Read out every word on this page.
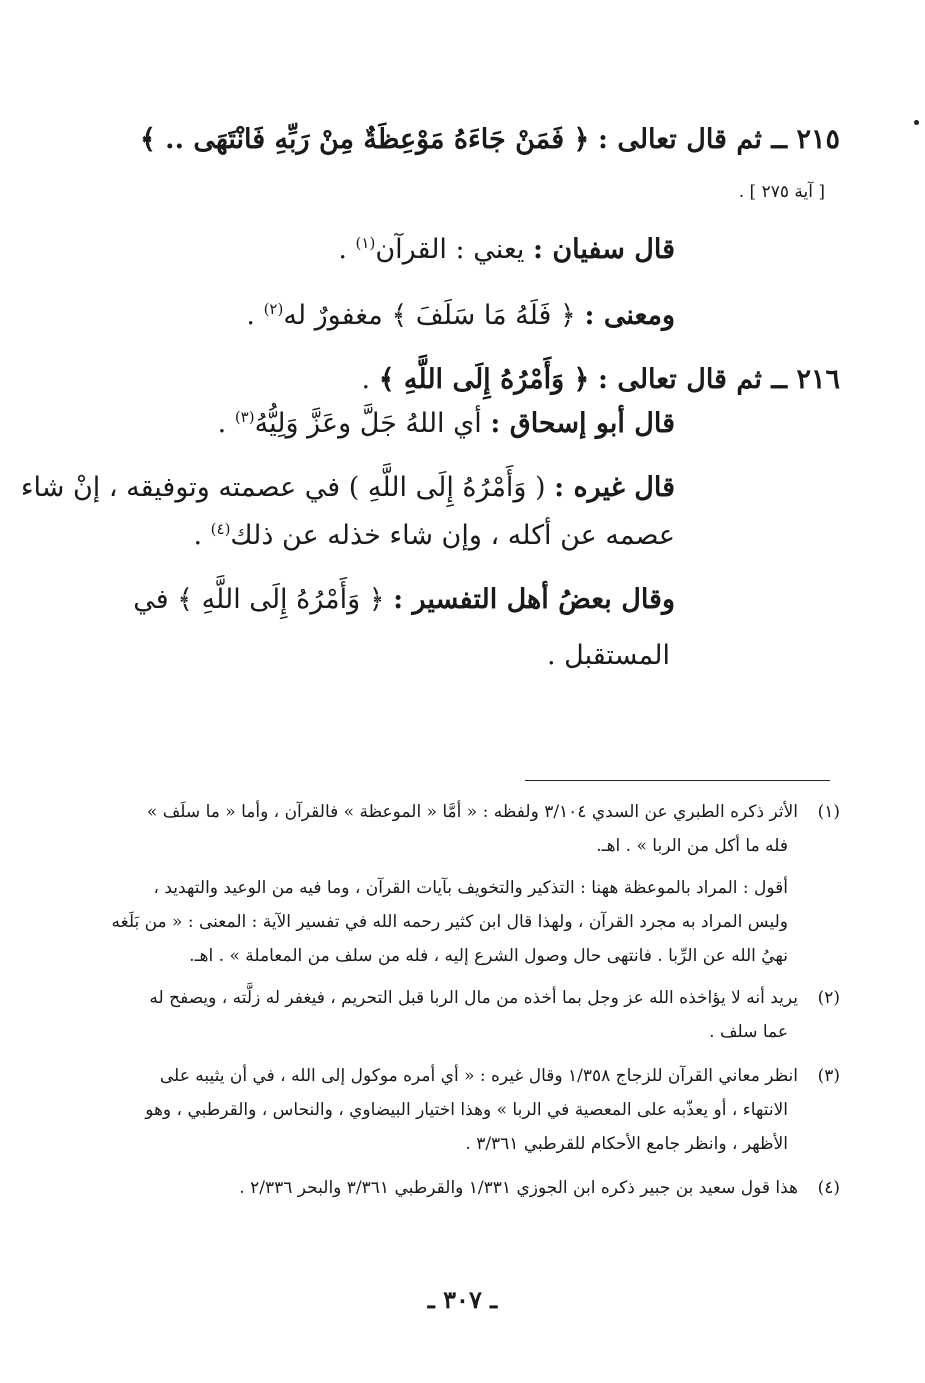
٢١٥ ــ ثم قال تعالى : ﴿ فَمَنْ جَاءَهُ مَوْعِظَةٌ مِنْ رَبِّهِ فَانْتَهَى .. ﴾
[ آية ٢٧٥ ] .
قال سفيان : يعني : القرآن$^{(١)}$ .
ومعنى : ﴿ فَلَهُ مَا سَلَفَ ﴾ مغفورٌ له$^{(٢)}$ .
٢١٦ ــ ثم قال تعالى : ﴿ وَأَمْرُهُ إِلَى اللَّهِ ﴾ .
قال أبو إسحاق : أي اللهُ جَلَّ وعَزَّ وَلِيُّهُ$^{(٣)}$ .
قال غيره : ( وَأَمْرُهُ إِلَى اللَّهِ ) في عصمته وتوفيقه ، إنْ شاء
عصمه عن أكله ، وإن شاء خذله عن ذلك$^{(٤)}$ .
وقال بعضُ أهل التفسير : ﴿ وَأَمْرُهُ إِلَى اللَّهِ ﴾ في
المستقبل .
(١)الأثر ذكره الطبري عن السدي ٣/١٠٤ ولفظه : « أمَّا « الموعظة » فالقرآن ، وأما « ما سلَف »
فله ما أكل من الربا » . اهـ.
أقول : المراد بالموعظة ههنا : التذكير والتخويف بآيات القرآن ، وما فيه من الوعيد والتهديد ،
وليس المراد به مجرد القرآن ، ولهذا قال ابن كثير رحمه الله في تفسير الآية : المعنى : « من بَلَغه
نهيُ الله عن الرِّبا . فانتهى حال وصول الشرع إليه ، فله من سلف من المعاملة » . اهـ.
(٢)يريد أنه لا يؤاخذه الله عز وجل بما أخذه من مال الربا قبل التحريم ، فيغفر له زلَّته ، ويصفح له
عما سلف .
(٣)انظر معاني القرآن للزجاج ١/٣٥٨ وقال غيره : « أي أمره موكول إلى الله ، في أن يثيبه على
الانتهاء ، أو يعذّبه على المعصية في الربا » وهذا اختيار البيضاوي ، والنحاس ، والقرطبي ، وهو
الأظهر ، وانظر جامع الأحكام للقرطبي ٣/٣٦١ .
(٤)هذا قول سعيد بن جبير ذكره ابن الجوزي ١/٣٣١ والقرطبي ٣/٣٦١ والبحر ٢/٣٣٦ .
ـ ٣٠٧ ـ
